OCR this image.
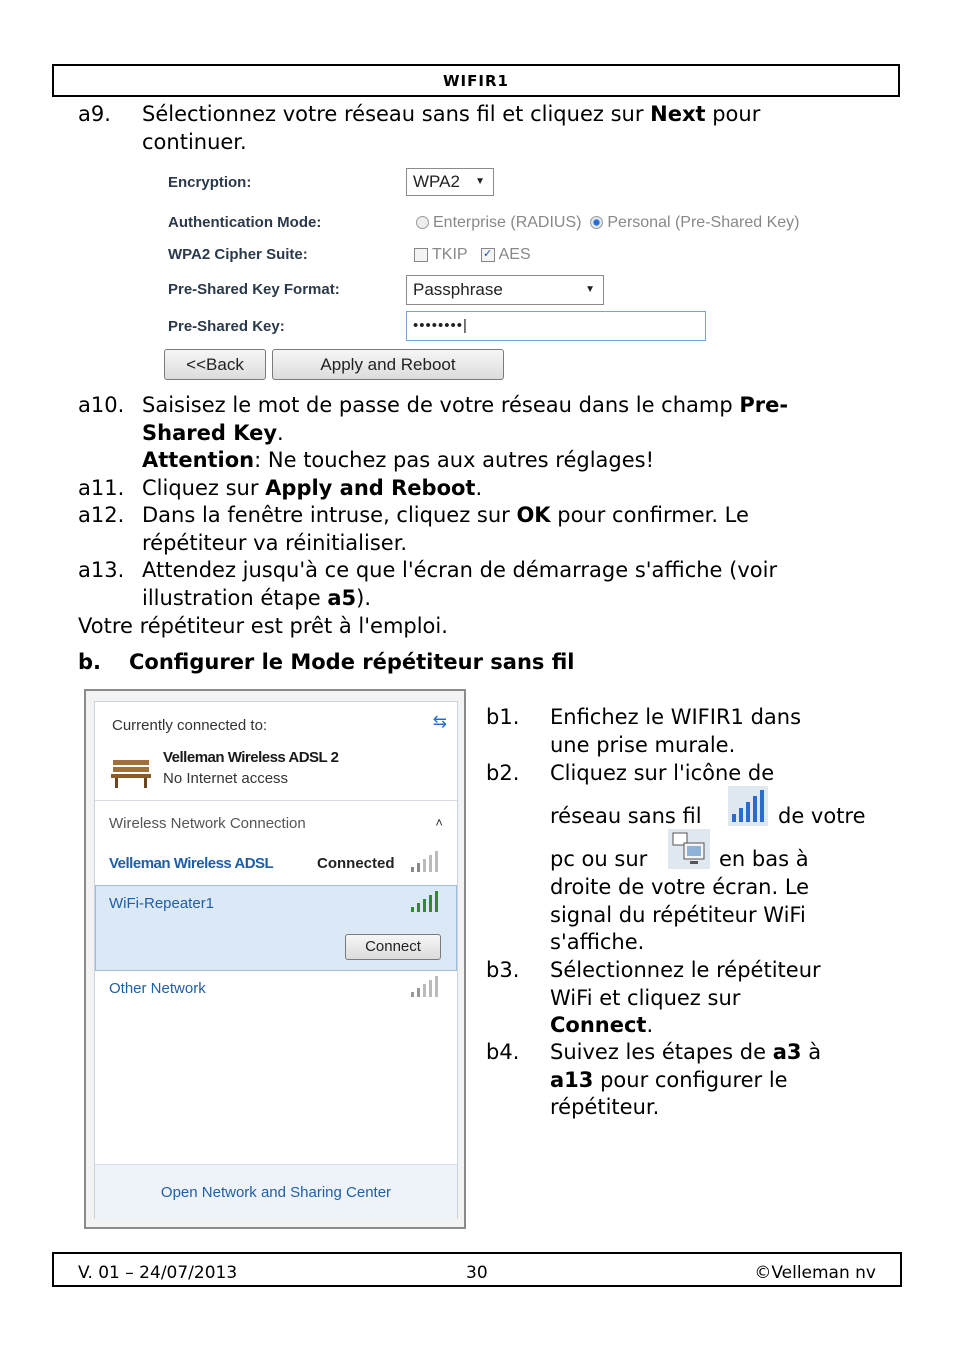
WIFIR1
a9. Sélectionnez votre réseau sans fil et cliquez sur Next pour
continuer.
Encryption:	WPA2 ▼
Authentication Mode:	Enterprise (RADIUS) Personal (Pre-Shared Key)
WPA2 Cipher Suite:	TKIP ✓ AES
Pre-Shared Key Format:	Passphrase	▼
Pre-Shared Key:	••••••••|
<<Back	Apply and Reboot
a10. Saisisez le mot de passe de votre réseau dans le champ Pre-
Shared Key.
Attention: Ne touchez pas aux autres réglages!
a11. Cliquez sur Apply and Reboot.
a12. Dans la fenêtre intruse, cliquez sur OK pour confirmer. Le
répétiteur va réinitialiser.
a13. Attendez jusqu'à ce que l'écran de démarrage s'affiche (voir
illustration étape a5).
Votre répétiteur est prêt à l'emploi.
b. Configurer le Mode répétiteur sans fil
Currently connected to:	⇆
Velleman Wireless ADSL 2
No Internet access
Wireless Network Connection	˄
Velleman Wireless ADSL	Connected
WiFi-Repeater1
Connect
Other Network
Open Network and Sharing Center
b1. Enfichez le WIFIR1 dans
une prise murale.
b2. Cliquez sur l'icône de
réseau sans fil	de votre
pc ou sur	en bas à
droite de votre écran. Le
signal du répétiteur WiFi
s'affiche.
b3. Sélectionnez le répétiteur
WiFi et cliquez sur
Connect.
b4. Suivez les étapes de a3 à
a13 pour configurer le
répétiteur.
V. 01 – 24/07/2013	30	©Velleman nv
